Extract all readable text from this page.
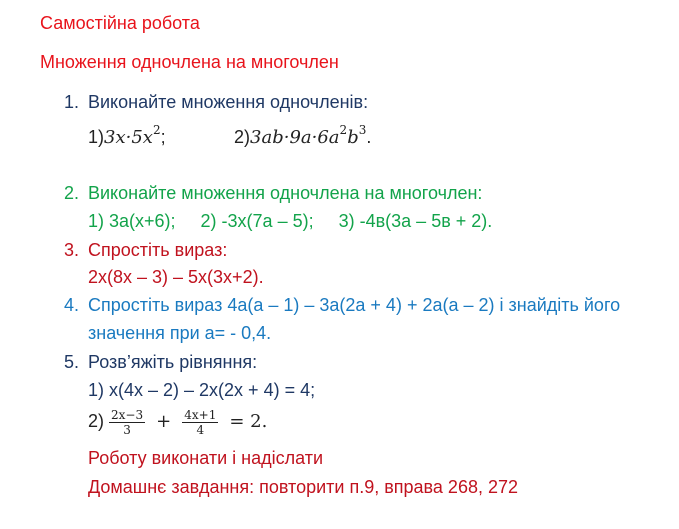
Самостійна робота
Множення одночлена на многочлен
1. Виконайте множення одночленів:
$1)3x\cdot 5x^2$;	$2)3ab\cdot 9a\cdot 6a^2b^3$.
2. Виконайте множення одночлена на многочлен:
1) 3a(x+6);     2) -3x(7a – 5);     3) -4в(3a – 5в + 2).
3. Спростіть вираз:
2x(8x – 3) – 5x(3x+2).
4. Спростіть вираз 4a(a – 1) – 3a(2a + 4) + 2a(a – 2) і знайдіть його
значення при а= - 0,4.
5. Розв’яжіть рівняння:
1) x(4x – 2) – 2x(2x + 4) = 4;
$2) \frac{2x-3}{3} + \frac{4x+1}{4} = 2$.
Роботу виконати і надіслати
Домашнє завдання: повторити п.9, вправа 268, 272
